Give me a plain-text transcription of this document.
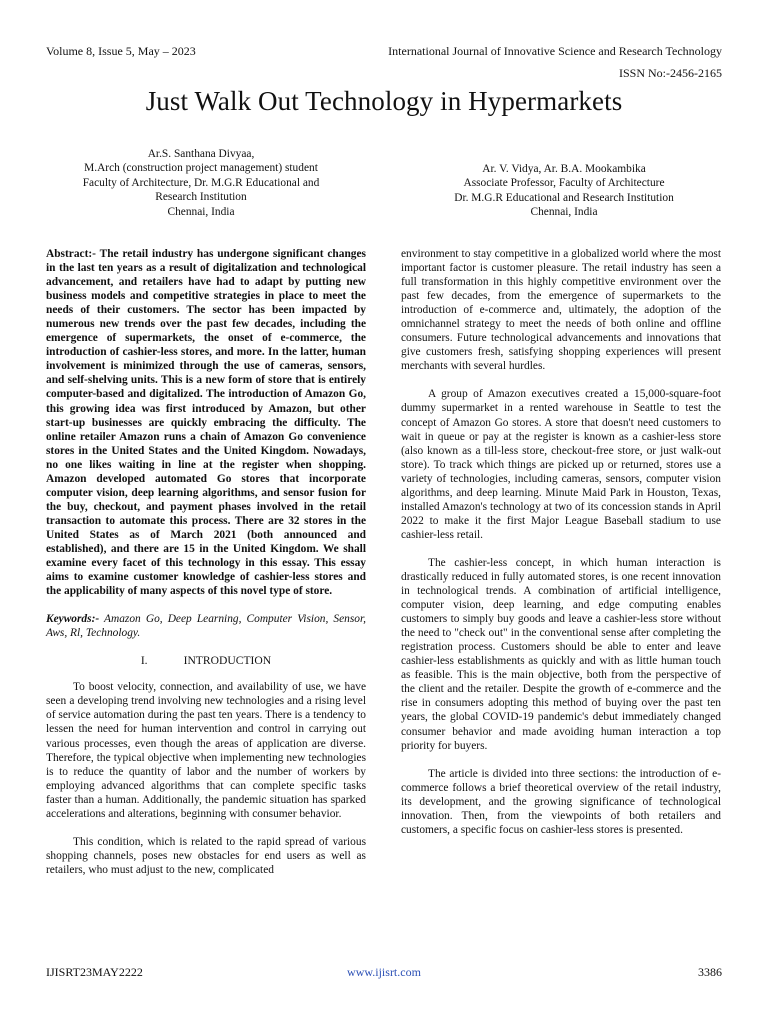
Volume 8, Issue 5, May – 2023	International Journal of Innovative Science and Research Technology
ISSN No:-2456-2165
Just Walk Out Technology in Hypermarkets
Ar.S. Santhana Divyaa,
M.Arch (construction project management) student
Faculty of Architecture, Dr. M.G.R Educational and
Research Institution
Chennai, India
Ar. V. Vidya, Ar. B.A. Mookambika
Associate Professor, Faculty of Architecture
Dr. M.G.R Educational and Research Institution
Chennai, India

Abstract:- The retail industry has undergone significant changes in the last ten years as a result of digitalization and technological advancement, and retailers have had to adapt by putting new business models and competitive strategies in place to meet the needs of their customers. The sector has been impacted by numerous new trends over the past few decades, including the emergence of supermarkets, the onset of e-commerce, the introduction of cashier-less stores, and more. In the latter, human involvement is minimized through the use of cameras, sensors, and self-shelving units. This is a new form of store that is entirely computer-based and digitalized. The introduction of Amazon Go, this growing idea was first introduced by Amazon, but other start-up businesses are quickly embracing the difficulty. The online retailer Amazon runs a chain of Amazon Go convenience stores in the United States and the United Kingdom. Nowadays, no one likes waiting in line at the register when shopping. Amazon developed automated Go stores that incorporate computer vision, deep learning algorithms, and sensor fusion for the buy, checkout, and payment phases involved in the retail transaction to automate this process. There are 32 stores in the United States as of March 2021 (both announced and established), and there are 15 in the United Kingdom. We shall examine every facet of this technology in this essay. This essay aims to examine customer knowledge of cashier-less stores and the applicability of many aspects of this novel type of store.

Keywords:- Amazon Go, Deep Learning, Computer Vision, Sensor, Aws, Rl, Technology.

I.	INTRODUCTION

To boost velocity, connection, and availability of use, we have seen a developing trend involving new technologies and a rising level of service automation during the past ten years. There is a tendency to lessen the need for human intervention and control in carrying out various processes, even though the areas of application are diverse. Therefore, the typical objective when implementing new technologies is to reduce the quantity of labor and the number of workers by employing advanced algorithms that can complete specific tasks faster than a human. Additionally, the pandemic situation has sparked accelerations and alterations, beginning with consumer behavior.

This condition, which is related to the rapid spread of various shopping channels, poses new obstacles for end users as well as retailers, who must adjust to the new, complicated

environment to stay competitive in a globalized world where the most important factor is customer pleasure. The retail industry has seen a full transformation in this highly competitive environment over the past few decades, from the emergence of supermarkets to the introduction of e-commerce and, ultimately, the adoption of the omnichannel strategy to meet the needs of both online and offline consumers. Future technological advancements and innovations that give customers fresh, satisfying shopping experiences will present merchants with several hurdles.

A group of Amazon executives created a 15,000-square-foot dummy supermarket in a rented warehouse in Seattle to test the concept of Amazon Go stores. A store that doesn't need customers to wait in queue or pay at the register is known as a cashier-less store (also known as a till-less store, checkout-free store, or just walk-out store). To track which things are picked up or returned, stores use a variety of technologies, including cameras, sensors, computer vision algorithms, and deep learning. Minute Maid Park in Houston, Texas, installed Amazon's technology at two of its concession stands in April 2022 to make it the first Major League Baseball stadium to use cashier-less retail.

The cashier-less concept, in which human interaction is drastically reduced in fully automated stores, is one recent innovation in technological trends. A combination of artificial intelligence, computer vision, deep learning, and edge computing enables customers to simply buy goods and leave a cashier-less store without the need to "check out" in the conventional sense after completing the registration process. Customers should be able to enter and leave cashier-less establishments as quickly and with as little human touch as feasible. This is the main objective, both from the perspective of the client and the retailer. Despite the growth of e-commerce and the rise in consumers adopting this method of buying over the past ten years, the global COVID-19 pandemic's debut immediately changed consumer behavior and made avoiding human interaction a top priority for buyers.

The article is divided into three sections: the introduction of e-commerce follows a brief theoretical overview of the retail industry, its development, and the growing significance of technological innovation. Then, from the viewpoints of both retailers and customers, a specific focus on cashier-less stores is presented.

IJISRT23MAY2222	www.ijisrt.com	3386
